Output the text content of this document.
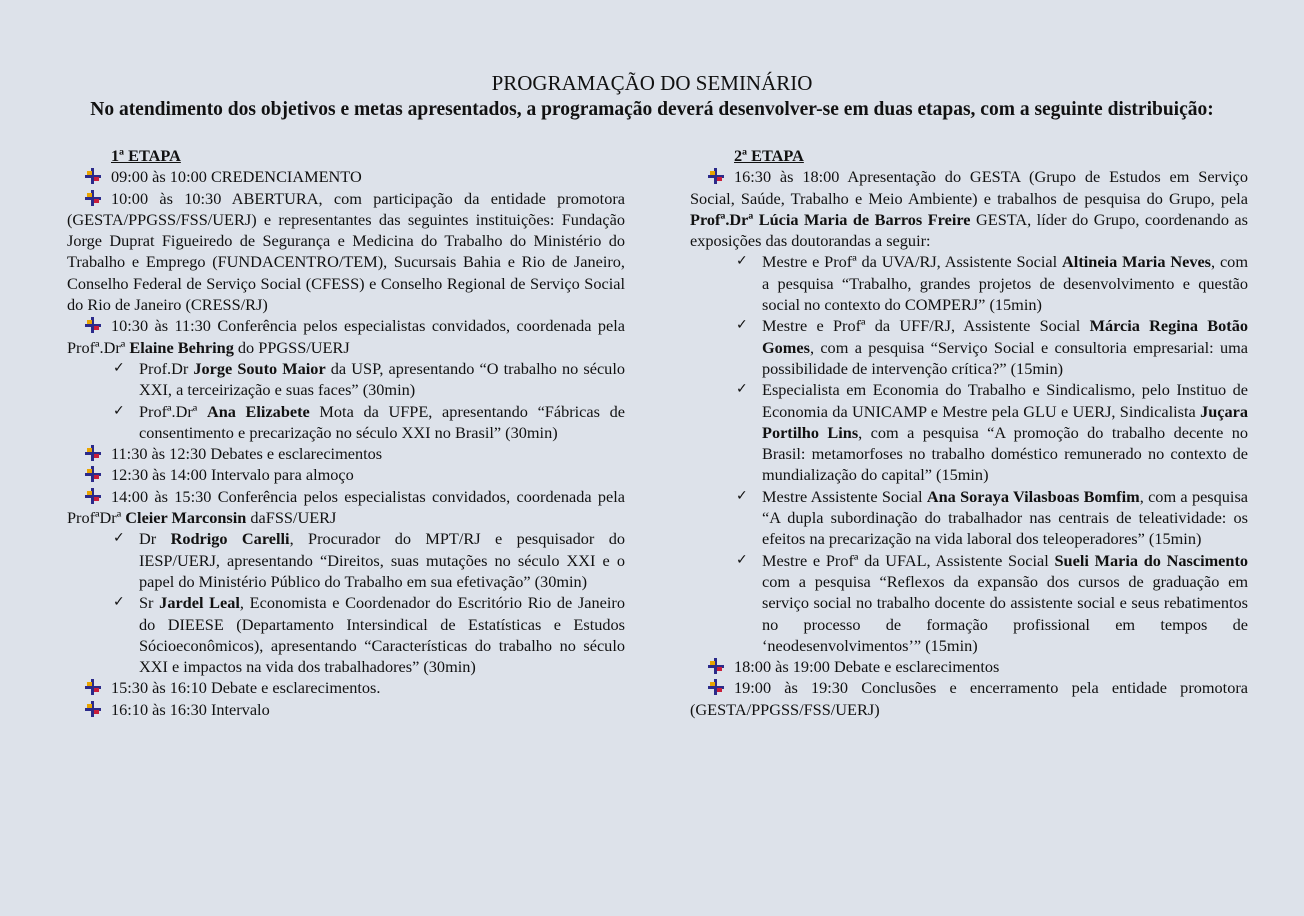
PROGRAMAÇÃO DO SEMINÁRIO
No atendimento dos objetivos e metas apresentados, a programação deverá desenvolver-se em duas etapas, com a seguinte distribuição:
1ª ETAPA
09:00 às 10:00 CREDENCIAMENTO
10:00 às 10:30 ABERTURA, com participação da entidade promotora (GESTA/PPGSS/FSS/UERJ) e representantes das seguintes instituições: Fundação Jorge Duprat Figueiredo de Segurança e Medicina do Trabalho do Ministério do Trabalho e Emprego (FUNDACENTRO/TEM), Sucursais Bahia e Rio de Janeiro, Conselho Federal de Serviço Social (CFESS) e Conselho Regional de Serviço Social do Rio de Janeiro (CRESS/RJ)
10:30 às 11:30 Conferência pelos especialistas convidados, coordenada pela Profª.Drª Elaine Behring do PPGSS/UERJ
✓ Prof.Dr Jorge Souto Maior da USP, apresentando “O trabalho no século XXI, a terceirização e suas faces” (30min)
✓ Profª.Drª Ana Elizabete Mota da UFPE, apresentando “Fábricas de consentimento e precarização no século XXI no Brasil” (30min)
11:30 às 12:30 Debates e esclarecimentos
12:30 às 14:00 Intervalo para almoço
14:00 às 15:30 Conferência pelos especialistas convidados, coordenada pela ProfªDrª Cleier Marconsin daFSS/UERJ
✓ Dr Rodrigo Carelli, Procurador do MPT/RJ e pesquisador do IESP/UERJ, apresentando “Direitos, suas mutações no século XXI e o papel do Ministério Público do Trabalho em sua efetivação” (30min)
✓ Sr Jardel Leal, Economista e Coordenador do Escritório Rio de Janeiro do DIEESE (Departamento Intersindical de Estatísticas e Estudos Sócioeconômicos), apresentando “Características do trabalho no século XXI e impactos na vida dos trabalhadores” (30min)
15:30 às 16:10 Debate e esclarecimentos.
16:10 às 16:30 Intervalo
2ª ETAPA
16:30 às 18:00 Apresentação do GESTA (Grupo de Estudos em Serviço Social, Saúde, Trabalho e Meio Ambiente) e trabalhos de pesquisa do Grupo, pela Profª.Drª Lúcia Maria de Barros Freire GESTA, líder do Grupo, coordenando as exposições das doutorandas a seguir:
✓ Mestre e Profª da UVA/RJ, Assistente Social Altineia Maria Neves, com a pesquisa “Trabalho, grandes projetos de desenvolvimento e questão social no contexto do COMPERJ” (15min)
✓ Mestre e Profª da UFF/RJ, Assistente Social Márcia Regina Botão Gomes, com a pesquisa “Serviço Social e consultoria empresarial: uma possibilidade de intervenção crítica?” (15min)
✓ Especialista em Economia do Trabalho e Sindicalismo, pelo Instituo de Economia da UNICAMP e Mestre pela GLU e UERJ, Sindicalista Juçara Portilho Lins, com a pesquisa “A promoção do trabalho decente no Brasil: metamorfoses no trabalho doméstico remunerado no contexto de mundialização do capital” (15min)
✓ Mestre Assistente Social Ana Soraya Vilasboas Bomfim, com a pesquisa “A dupla subordinação do trabalhador nas centrais de teleatividade: os efeitos na precarização na vida laboral dos teleoperadores” (15min)
✓ Mestre e Profª da UFAL, Assistente Social Sueli Maria do Nascimento com a pesquisa “Reflexos da expansão dos cursos de graduação em serviço social no trabalho docente do assistente social e seus rebatimentos no processo de formação profissional em tempos de ‘neodesenvolvimentos’” (15min)
18:00 às 19:00 Debate e esclarecimentos
19:00 às 19:30 Conclusões e encerramento pela entidade promotora (GESTA/PPGSS/FSS/UERJ)
